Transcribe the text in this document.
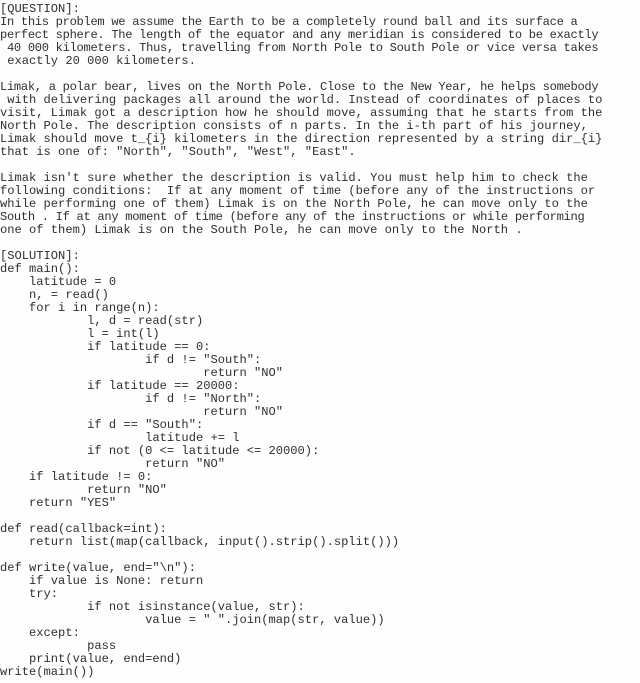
[QUESTION]:
In this problem we assume the Earth to be a completely round ball and its surface a
perfect sphere. The length of the equator and any meridian is considered to be exactly
40 000 kilometers. Thus, travelling from North Pole to South Pole or vice versa takes
exactly 20 000 kilometers.
Limak, a polar bear, lives on the North Pole. Close to the New Year, he helps somebody
with delivering packages all around the world. Instead of coordinates of places to
visit, Limak got a description how he should move, assuming that he starts from the
North Pole. The description consists of n parts. In the i-th part of his journey,
Limak should move t_{i} kilometers in the direction represented by a string dir_{i}
that is one of: "North", "South", "West", "East".
Limak isn't sure whether the description is valid. You must help him to check the
following conditions:  If at any moment of time (before any of the instructions or
while performing one of them) Limak is on the North Pole, he can move only to the
South . If at any moment of time (before any of the instructions or while performing
one of them) Limak is on the South Pole, he can move only to the North .
[SOLUTION]:
def main():
latitude = 0
n, = read()
for i in range(n):
l, d = read(str)
l = int(l)
if latitude == 0:
if d != "South":
return "NO"
if latitude == 20000:
if d != "North":
return "NO"
if d == "South":
latitude += l
if not (0 <= latitude <= 20000):
return "NO"
if latitude != 0:
return "NO"
return "YES"
def read(callback=int):
return list(map(callback, input().strip().split()))
def write(value, end="\n"):
if value is None: return
try:
if not isinstance(value, str):
value = " ".join(map(str, value))
except:
pass
print(value, end=end)
write(main())
